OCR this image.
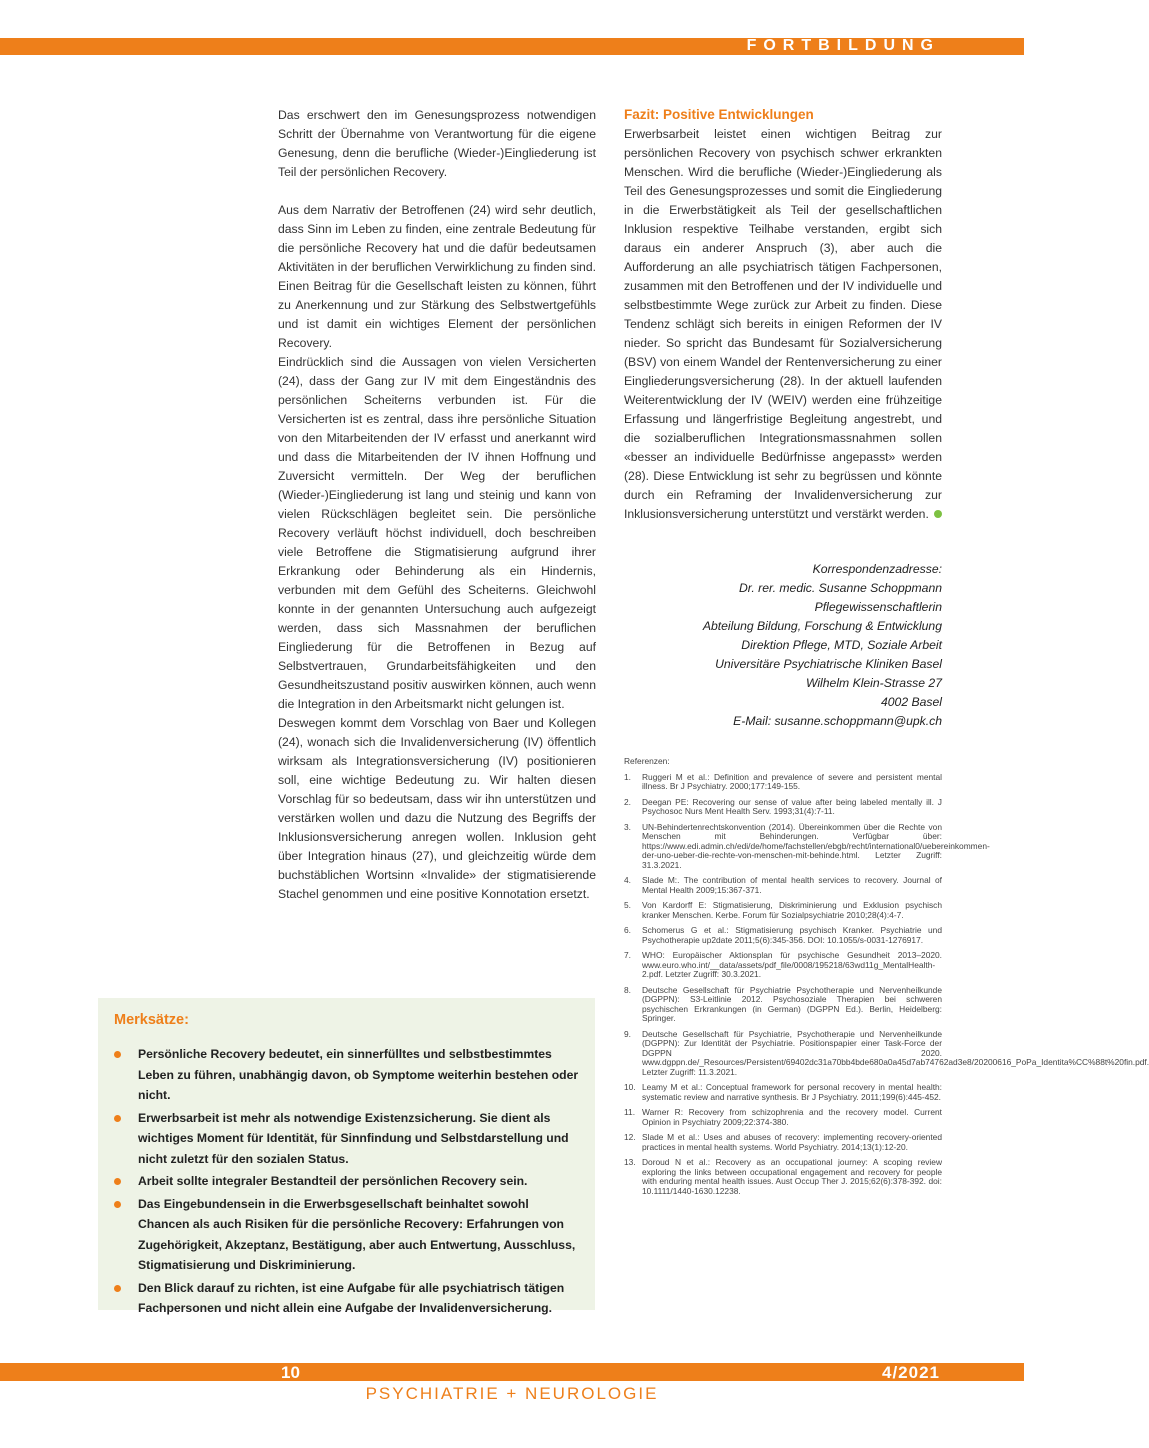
FORTBILDUNG

Das erschwert den im Genesungsprozess notwendigen Schritt der Übernahme von Verantwortung für die eigene Genesung, denn die berufliche (Wieder-)Eingliederung ist Teil der persönlichen Recovery.

Aus dem Narrativ der Betroffenen (24) wird sehr deutlich, dass Sinn im Leben zu finden, eine zentrale Bedeutung für die persönliche Recovery hat und die dafür bedeutsamen Aktivitäten in der beruflichen Verwirklichung zu finden sind. Einen Beitrag für die Gesellschaft leisten zu können, führt zu Anerkennung und zur Stärkung des Selbstwertgefühls und ist damit ein wichtiges Element der persönlichen Recovery.

Eindrücklich sind die Aussagen von vielen Versicherten (24), dass der Gang zur IV mit dem Eingeständnis des persönlichen Scheiterns verbunden ist. Für die Versicherten ist es zentral, dass ihre persönliche Situation von den Mitarbeitenden der IV erfasst und anerkannt wird und dass die Mitarbeitenden der IV ihnen Hoffnung und Zuversicht vermitteln. Der Weg der beruflichen (Wieder-)Eingliederung ist lang und steinig und kann von vielen Rückschlägen begleitet sein. Die persönliche Recovery verläuft höchst individuell, doch beschreiben viele Betroffene die Stigmatisierung aufgrund ihrer Erkrankung oder Behinderung als ein Hindernis, verbunden mit dem Gefühl des Scheiterns. Gleichwohl konnte in der genannten Untersuchung auch aufgezeigt werden, dass sich Massnahmen der beruflichen Eingliederung für die Betroffenen in Bezug auf Selbstvertrauen, Grundarbeitsfähigkeiten und den Gesundheitszustand positiv auswirken können, auch wenn die Integration in den Arbeitsmarkt nicht gelungen ist.

Deswegen kommt dem Vorschlag von Baer und Kollegen (24), wonach sich die Invalidenversicherung (IV) öffentlich wirksam als Integrationsversicherung (IV) positionieren soll, eine wichtige Bedeutung zu. Wir halten diesen Vorschlag für so bedeutsam, dass wir ihn unterstützen und verstärken wollen und dazu die Nutzung des Begriffs der Inklusionsversicherung anregen wollen. Inklusion geht über Integration hinaus (27), und gleichzeitig würde dem buchstäblichen Wortsinn «Invalide» der stigmatisierende Stachel genommen und eine positive Konnotation ersetzt.

Fazit: Positive Entwicklungen

Erwerbsarbeit leistet einen wichtigen Beitrag zur persönlichen Recovery von psychisch schwer erkrankten Menschen. Wird die berufliche (Wieder-)Eingliederung als Teil des Genesungsprozesses und somit die Eingliederung in die Erwerbstätigkeit als Teil der gesellschaftlichen Inklusion respektive Teilhabe verstanden, ergibt sich daraus ein anderer Anspruch (3), aber auch die Aufforderung an alle psychiatrisch tätigen Fachpersonen, zusammen mit den Betroffenen und der IV individuelle und selbstbestimmte Wege zurück zur Arbeit zu finden. Diese Tendenz schlägt sich bereits in einigen Reformen der IV nieder. So spricht das Bundesamt für Sozialversicherung (BSV) von einem Wandel der Rentenversicherung zu einer Eingliederungsversicherung (28). In der aktuell laufenden Weiterentwicklung der IV (WEIV) werden eine frühzeitige Erfassung und längerfristige Begleitung angestrebt, und die sozialberuflichen Integrationsmassnahmen sollen «besser an individuelle Bedürfnisse angepasst» werden (28). Diese Entwicklung ist sehr zu begrüssen und könnte durch ein Reframing der Invalidenversicherung zur Inklusionsversicherung unterstützt und verstärkt werden.

Korrespondenzadresse:
Dr. rer. medic. Susanne Schoppmann
Pflegewissenschaftlerin
Abteilung Bildung, Forschung & Entwicklung
Direktion Pflege, MTD, Soziale Arbeit
Universitäre Psychiatrische Kliniken Basel
Wilhelm Klein-Strasse 27
4002 Basel
E-Mail: susanne.schoppmann@upk.ch
Referenzen:
1. Ruggeri M et al.: Definition and prevalence of severe and persistent mental illness. Br J Psychiatry. 2000;177:149-155.
2. Deegan PE: Recovering our sense of value after being labeled mentally ill. J Psychosoc Nurs Ment Health Serv. 1993;31(4):7-11.
3. UN-Behindertenrechtskonvention (2014). Übereinkommen über die Rechte von Menschen mit Behinderungen. Verfügbar über: https://www.edi.admin.ch/edi/de/home/fachstellen/ebgb/recht/international0/uebereinkommen-der-uno-ueber-die-rechte-von-menschen-mit-behinde.html. Letzter Zugriff: 31.3.2021.
4. Slade M:. The contribution of mental health services to recovery. Journal of Mental Health 2009;15:367-371.
5. Von Kardorff E: Stigmatisierung, Diskriminierung und Exklusion psychisch kranker Menschen. Kerbe. Forum für Sozialpsychiatrie 2010;28(4):4-7.
6. Schomerus G et al.: Stigmatisierung psychisch Kranker. Psychiatrie und Psychotherapie up2date 2011;5(6):345-356. DOI: 10.1055/s-0031-1276917.
7. WHO: Europäischer Aktionsplan für psychische Gesundheit 2013–2020. www.euro.who.int/__data/assets/pdf_file/0008/195218/63wd11g_MentalHealth-2.pdf. Letzter Zugriff: 30.3.2021.
8. Deutsche Gesellschaft für Psychiatrie Psychotherapie und Nervenheilkunde (DGPPN): S3-Leitlinie 2012. Psychosoziale Therapien bei schweren psychischen Erkrankungen (in German) (DGPPN Ed.). Berlin, Heidelberg: Springer.
9. Deutsche Gesellschaft für Psychiatrie, Psychotherapie und Nervenheilkunde (DGPPN): Zur Identität der Psychiatrie. Positionspapier einer Task-Force der DGPPN 2020. www.dgppn.de/_Resources/Persistent/69402dc31a70bb4bde680a0a45d7ab74762ad3e8/20200616_PoPa_Identita%CC%88t%20fin.pdf. Letzter Zugriff: 11.3.2021.
10. Leamy M et al.: Conceptual framework for personal recovery in mental health: systematic review and narrative synthesis. Br J Psychiatry. 2011;199(6):445-452.
11. Warner R: Recovery from schizophrenia and the recovery model. Current Opinion in Psychiatry 2009;22:374-380.
12. Slade M et al.: Uses and abuses of recovery: implementing recovery-oriented practices in mental health systems. World Psychiatry. 2014;13(1):12-20.
13. Doroud N et al.: Recovery as an occupational journey: A scoping review exploring the links between occupational engagement and recovery for people with enduring mental health issues. Aust Occup Ther J. 2015;62(6):378-392. doi: 10.1111/1440-1630.12238.
Merksätze:
Persönliche Recovery bedeutet, ein sinnerfülltes und selbstbestimmtes Leben zu führen, unabhängig davon, ob Symptome weiterhin bestehen oder nicht.
Erwerbsarbeit ist mehr als notwendige Existenzsicherung. Sie dient als wichtiges Moment für Identität, für Sinnfindung und Selbstdarstellung und nicht zuletzt für den sozialen Status.
Arbeit sollte integraler Bestandteil der persönlichen Recovery sein.
Das Eingebundensein in die Erwerbsgesellschaft beinhaltet sowohl Chancen als auch Risiken für die persönliche Recovery: Erfahrungen von Zugehörigkeit, Akzeptanz, Bestätigung, aber auch Entwertung, Ausschluss, Stigmatisierung und Diskriminierung.
Den Blick darauf zu richten, ist eine Aufgabe für alle psychiatrisch tätigen Fachpersonen und nicht allein eine Aufgabe der Invalidenversicherung.
10	4/2021
PSYCHIATRIE + NEUROLOGIE
